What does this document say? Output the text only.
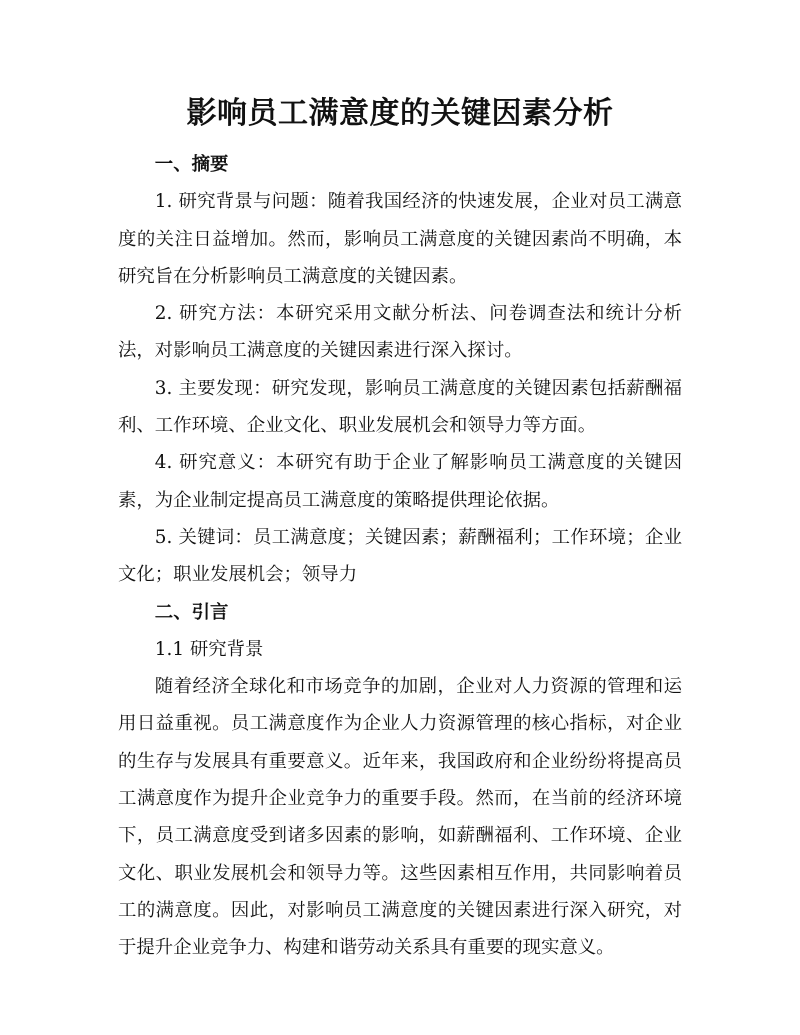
影响员工满意度的关键因素分析

一、摘要

1. 研究背景与问题：随着我国经济的快速发展，企业对员工满意度的关注日益增加。然而，影响员工满意度的关键因素尚不明确，本研究旨在分析影响员工满意度的关键因素。

2. 研究方法：本研究采用文献分析法、问卷调查法和统计分析法，对影响员工满意度的关键因素进行深入探讨。

3. 主要发现：研究发现，影响员工满意度的关键因素包括薪酬福利、工作环境、企业文化、职业发展机会和领导力等方面。

4. 研究意义：本研究有助于企业了解影响员工满意度的关键因素，为企业制定提高员工满意度的策略提供理论依据。

5. 关键词：员工满意度；关键因素；薪酬福利；工作环境；企业文化；职业发展机会；领导力

二、引言

1.1 研究背景

随着经济全球化和市场竞争的加剧，企业对人力资源的管理和运用日益重视。员工满意度作为企业人力资源管理的核心指标，对企业的生存与发展具有重要意义。近年来，我国政府和企业纷纷将提高员工满意度作为提升企业竞争力的重要手段。然而，在当前的经济环境下，员工满意度受到诸多因素的影响，如薪酬福利、工作环境、企业文化、职业发展机会和领导力等。这些因素相互作用，共同影响着员工的满意度。因此，对影响员工满意度的关键因素进行深入研究，对于提升企业竞争力、构建和谐劳动关系具有重要的现实意义。
